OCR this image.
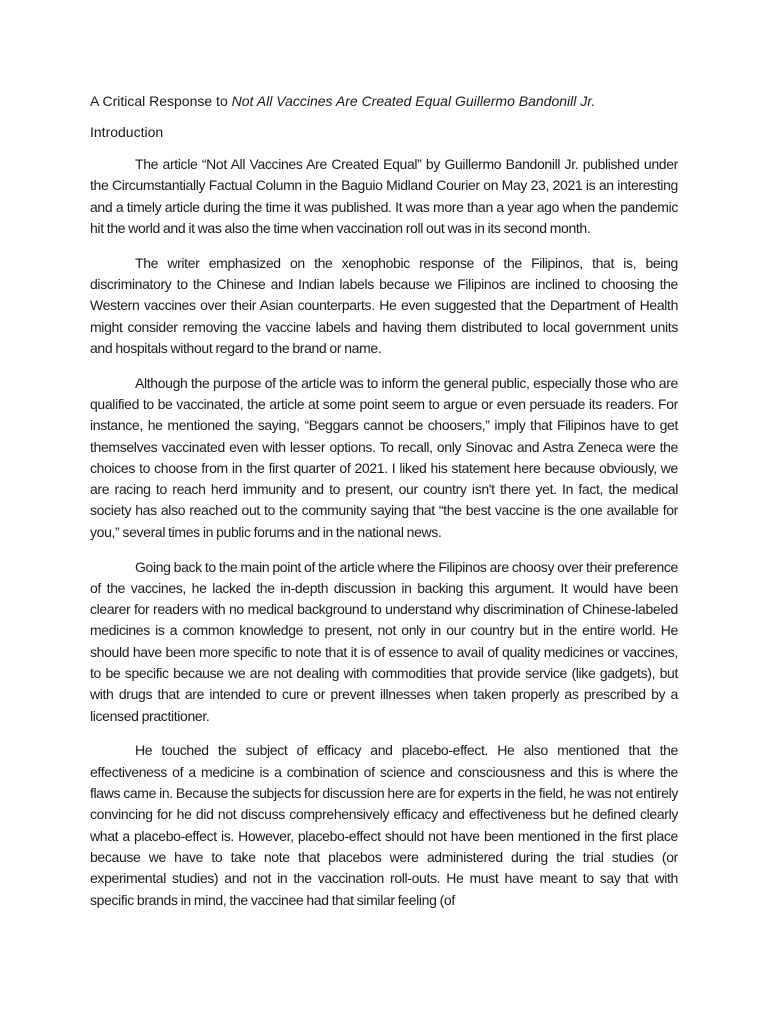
A Critical Response to Not All Vaccines Are Created Equal Guillermo Bandonill Jr.

Introduction

The article “Not All Vaccines Are Created Equal” by Guillermo Bandonill Jr. published under the Circumstantially Factual Column in the Baguio Midland Courier on May 23, 2021 is an interesting and a timely article during the time it was published. It was more than a year ago when the pandemic hit the world and it was also the time when vaccination roll out was in its second month.

The writer emphasized on the xenophobic response of the Filipinos, that is, being discriminatory to the Chinese and Indian labels because we Filipinos are inclined to choosing the Western vaccines over their Asian counterparts. He even suggested that the Department of Health might consider removing the vaccine labels and having them distributed to local government units and hospitals without regard to the brand or name.

Although the purpose of the article was to inform the general public, especially those who are qualified to be vaccinated, the article at some point seem to argue or even persuade its readers. For instance, he mentioned the saying, “Beggars cannot be choosers,” imply that Filipinos have to get themselves vaccinated even with lesser options. To recall, only Sinovac and Astra Zeneca were the choices to choose from in the first quarter of 2021. I liked his statement here because obviously, we are racing to reach herd immunity and to present, our country isn't there yet. In fact, the medical society has also reached out to the community saying that “the best vaccine is the one available for you,” several times in public forums and in the national news.

Going back to the main point of the article where the Filipinos are choosy over their preference of the vaccines, he lacked the in-depth discussion in backing this argument. It would have been clearer for readers with no medical background to understand why discrimination of Chinese-labeled medicines is a common knowledge to present, not only in our country but in the entire world. He should have been more specific to note that it is of essence to avail of quality medicines or vaccines, to be specific because we are not dealing with commodities that provide service (like gadgets), but with drugs that are intended to cure or prevent illnesses when taken properly as prescribed by a licensed practitioner.

He touched the subject of efficacy and placebo-effect. He also mentioned that the effectiveness of a medicine is a combination of science and consciousness and this is where the flaws came in. Because the subjects for discussion here are for experts in the field, he was not entirely convincing for he did not discuss comprehensively efficacy and effectiveness but he defined clearly what a placebo-effect is. However, placebo-effect should not have been mentioned in the first place because we have to take note that placebos were administered during the trial studies (or experimental studies) and not in the vaccination roll-outs. He must have meant to say that with specific brands in mind, the vaccinee had that similar feeling (of
